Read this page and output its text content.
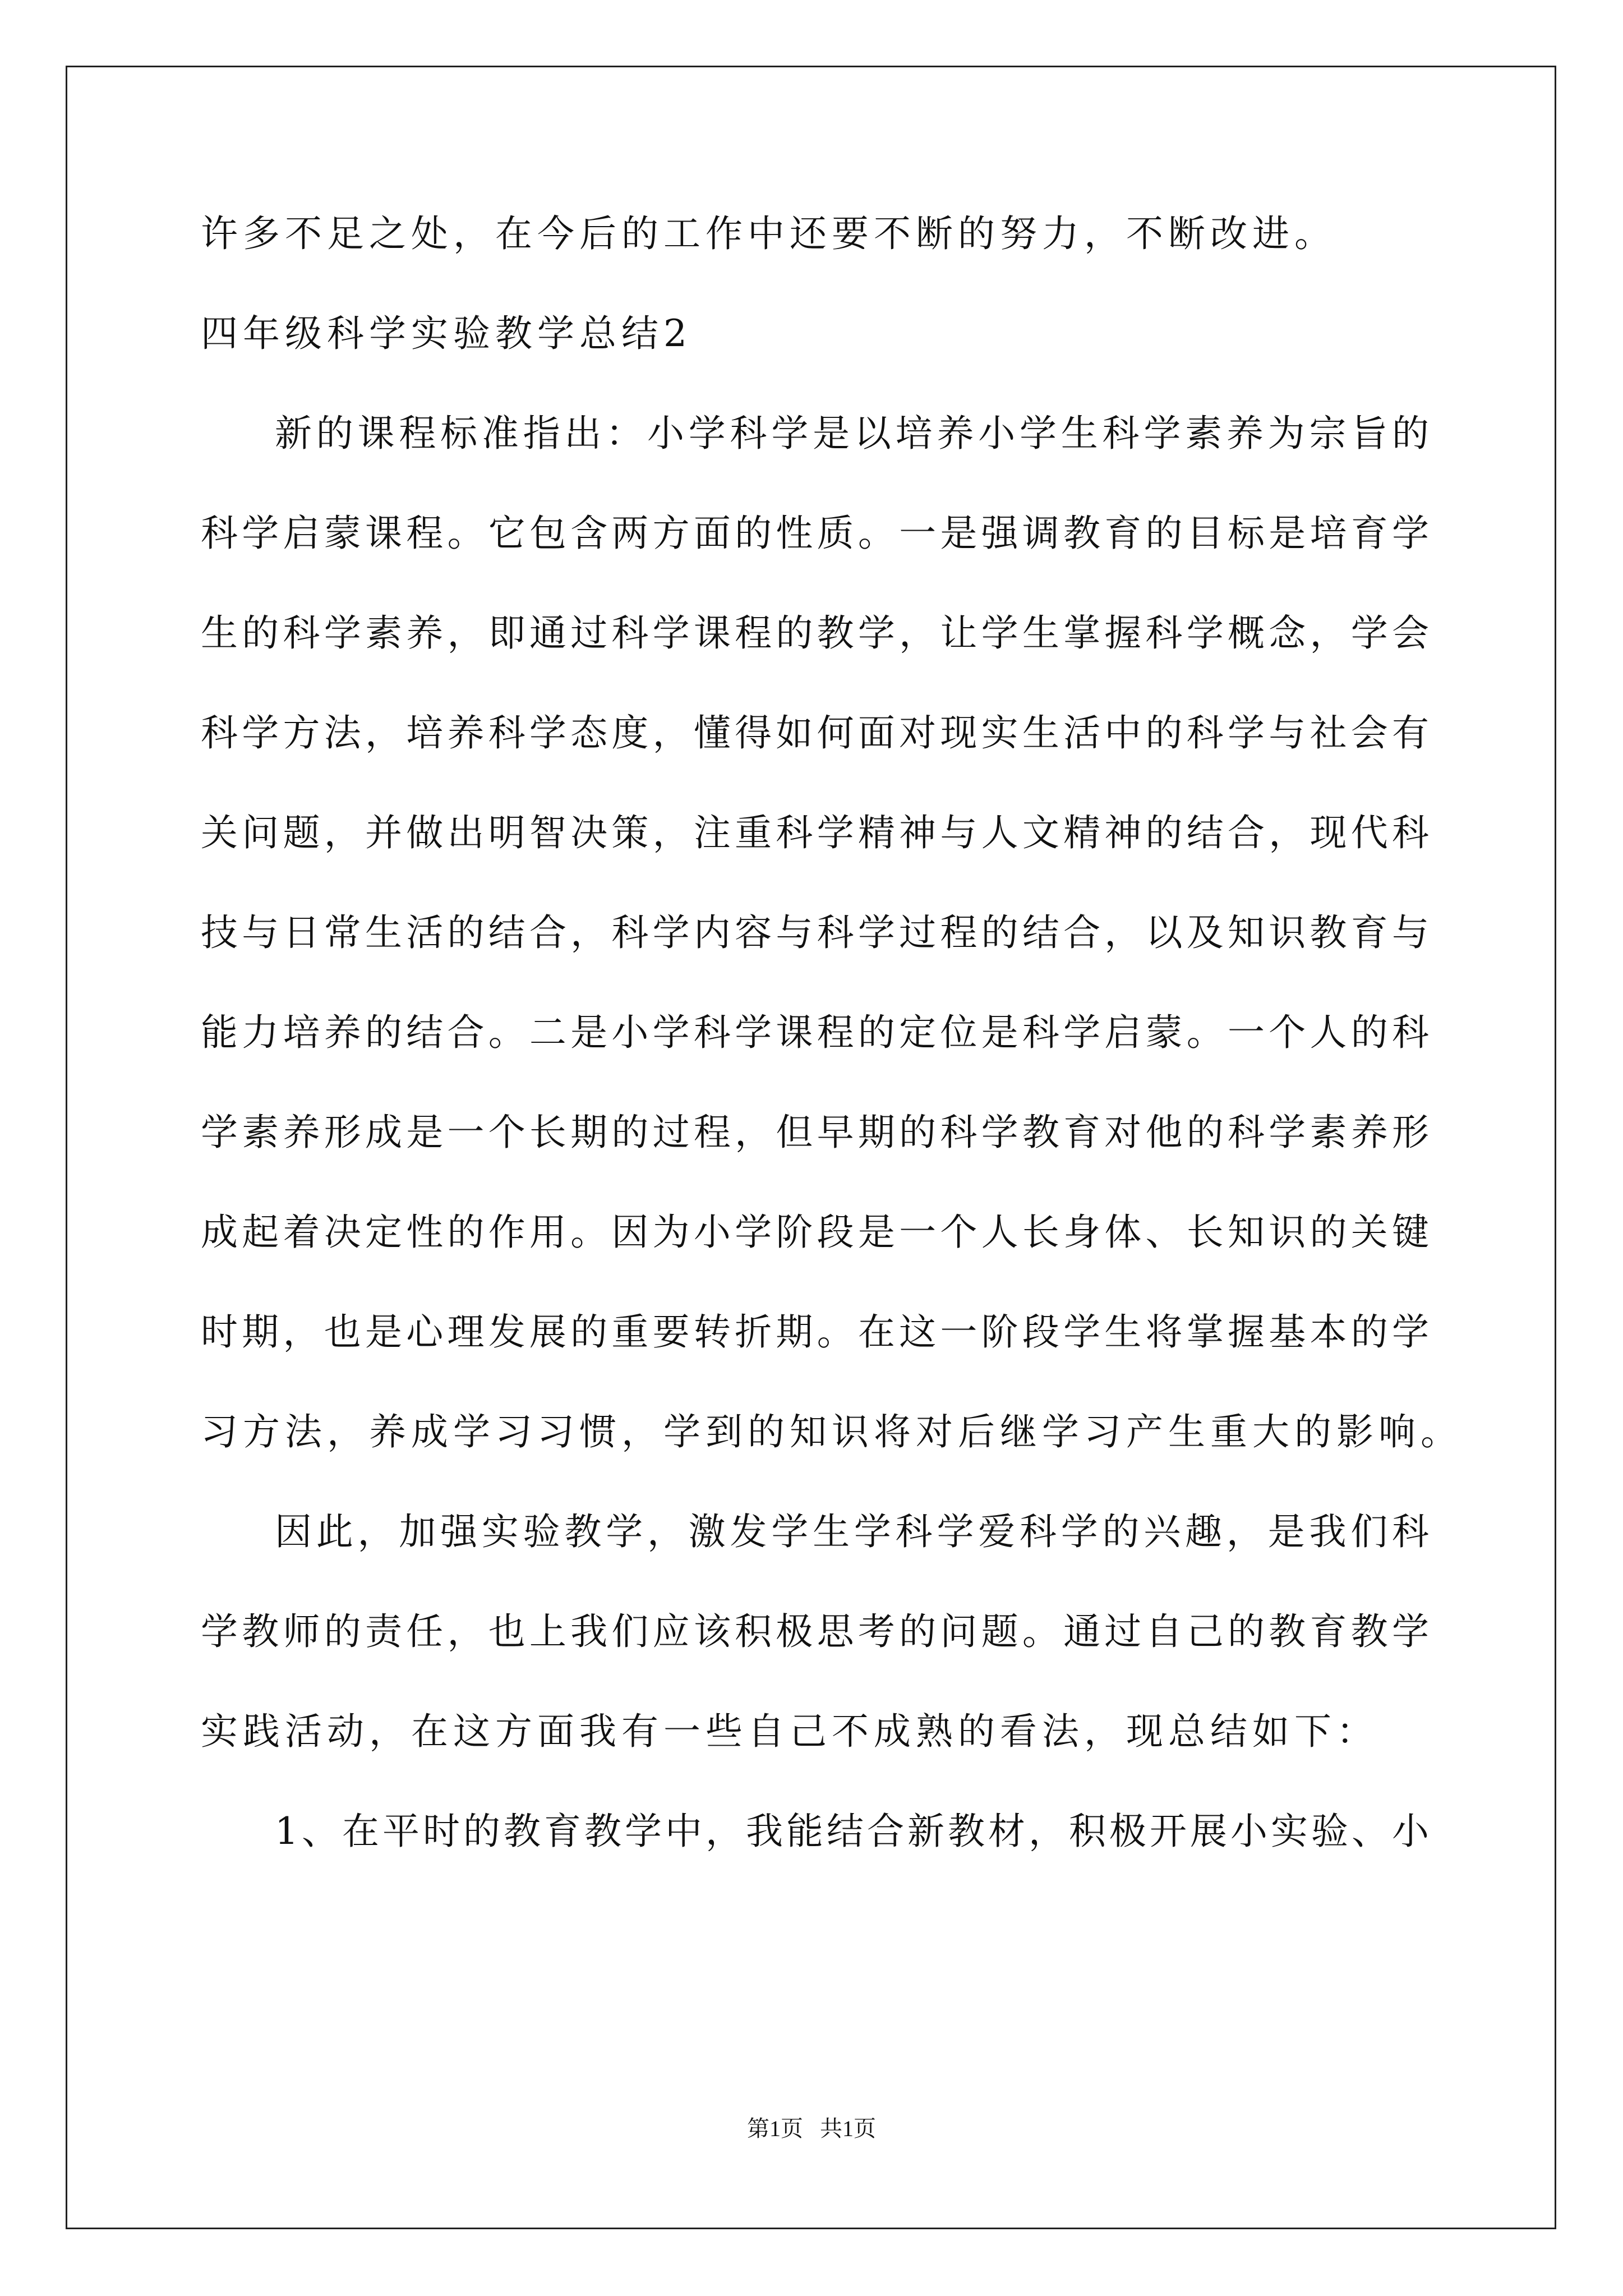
许多不足之处，在今后的工作中还要不断的努力，不断改进。
四年级科学实验教学总结2
新的课程标准指出：小学科学是以培养小学生科学素养为宗旨的
科学启蒙课程。它包含两方面的性质。一是强调教育的目标是培育学
生的科学素养，即通过科学课程的教学，让学生掌握科学概念，学会
科学方法，培养科学态度，懂得如何面对现实生活中的科学与社会有
关问题，并做出明智决策，注重科学精神与人文精神的结合，现代科
技与日常生活的结合，科学内容与科学过程的结合，以及知识教育与
能力培养的结合。二是小学科学课程的定位是科学启蒙。一个人的科
学素养形成是一个长期的过程，但早期的科学教育对他的科学素养形
成起着决定性的作用。因为小学阶段是一个人长身体、长知识的关键
时期，也是心理发展的重要转折期。在这一阶段学生将掌握基本的学
习方法，养成学习习惯，学到的知识将对后继学习产生重大的影响。
因此，加强实验教学，激发学生学科学爱科学的兴趣，是我们科
学教师的责任，也上我们应该积极思考的问题。通过自己的教育教学
实践活动，在这方面我有一些自己不成熟的看法，现总结如下：
1、在平时的教育教学中，我能结合新教材，积极开展小实验、小
第1页 共1页
